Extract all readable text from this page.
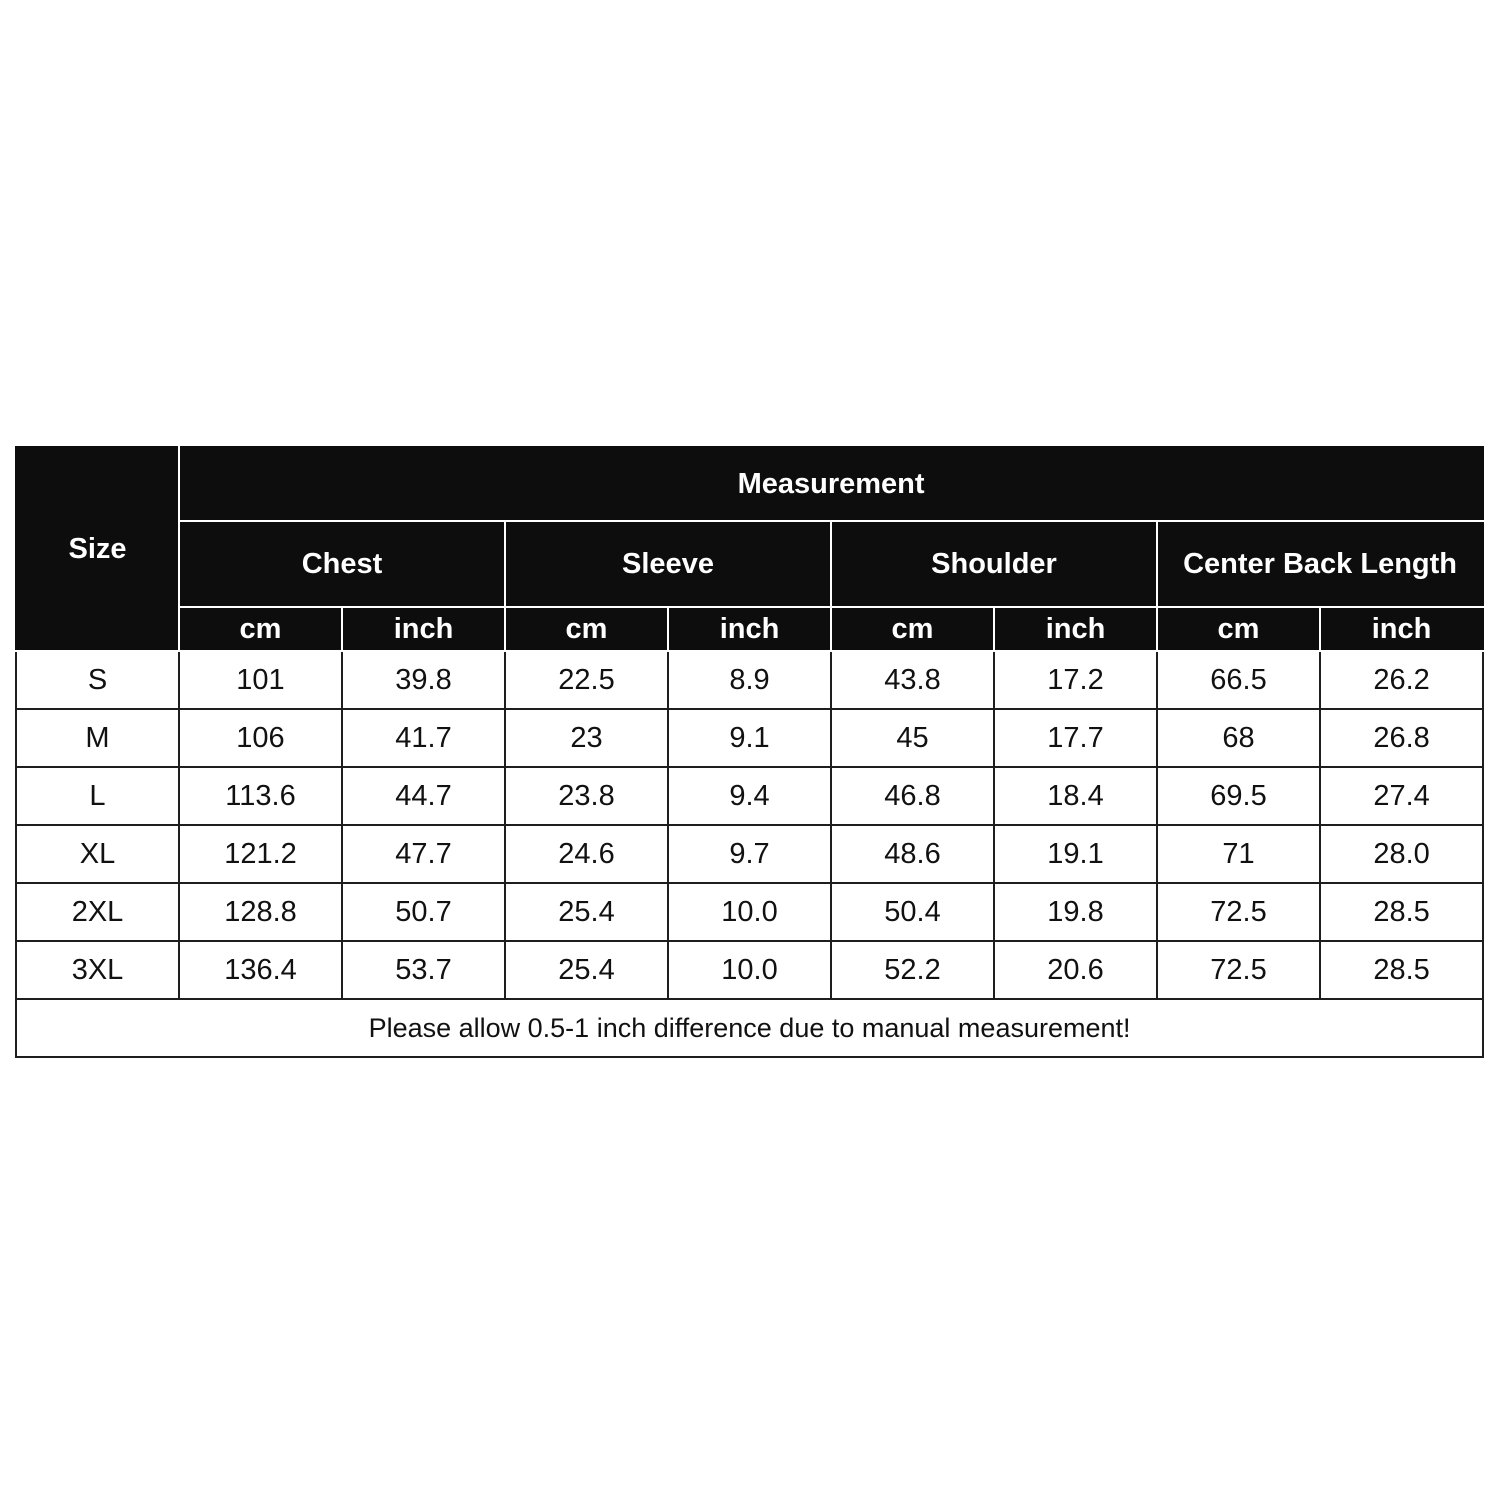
Size	Measurement							
	Chest		Sleeve		Shoulder		Center Back Length	
	cm	inch	cm	inch	cm	inch	cm	inch
S	101	39.8	22.5	8.9	43.8	17.2	66.5	26.2
M	106	41.7	23	9.1	45	17.7	68	26.8
L	113.6	44.7	23.8	9.4	46.8	18.4	69.5	27.4
XL	121.2	47.7	24.6	9.7	48.6	19.1	71	28.0
2XL	128.8	50.7	25.4	10.0	50.4	19.8	72.5	28.5
3XL	136.4	53.7	25.4	10.0	52.2	20.6	72.5	28.5
Please allow 0.5-1 inch difference due to manual measurement!								
